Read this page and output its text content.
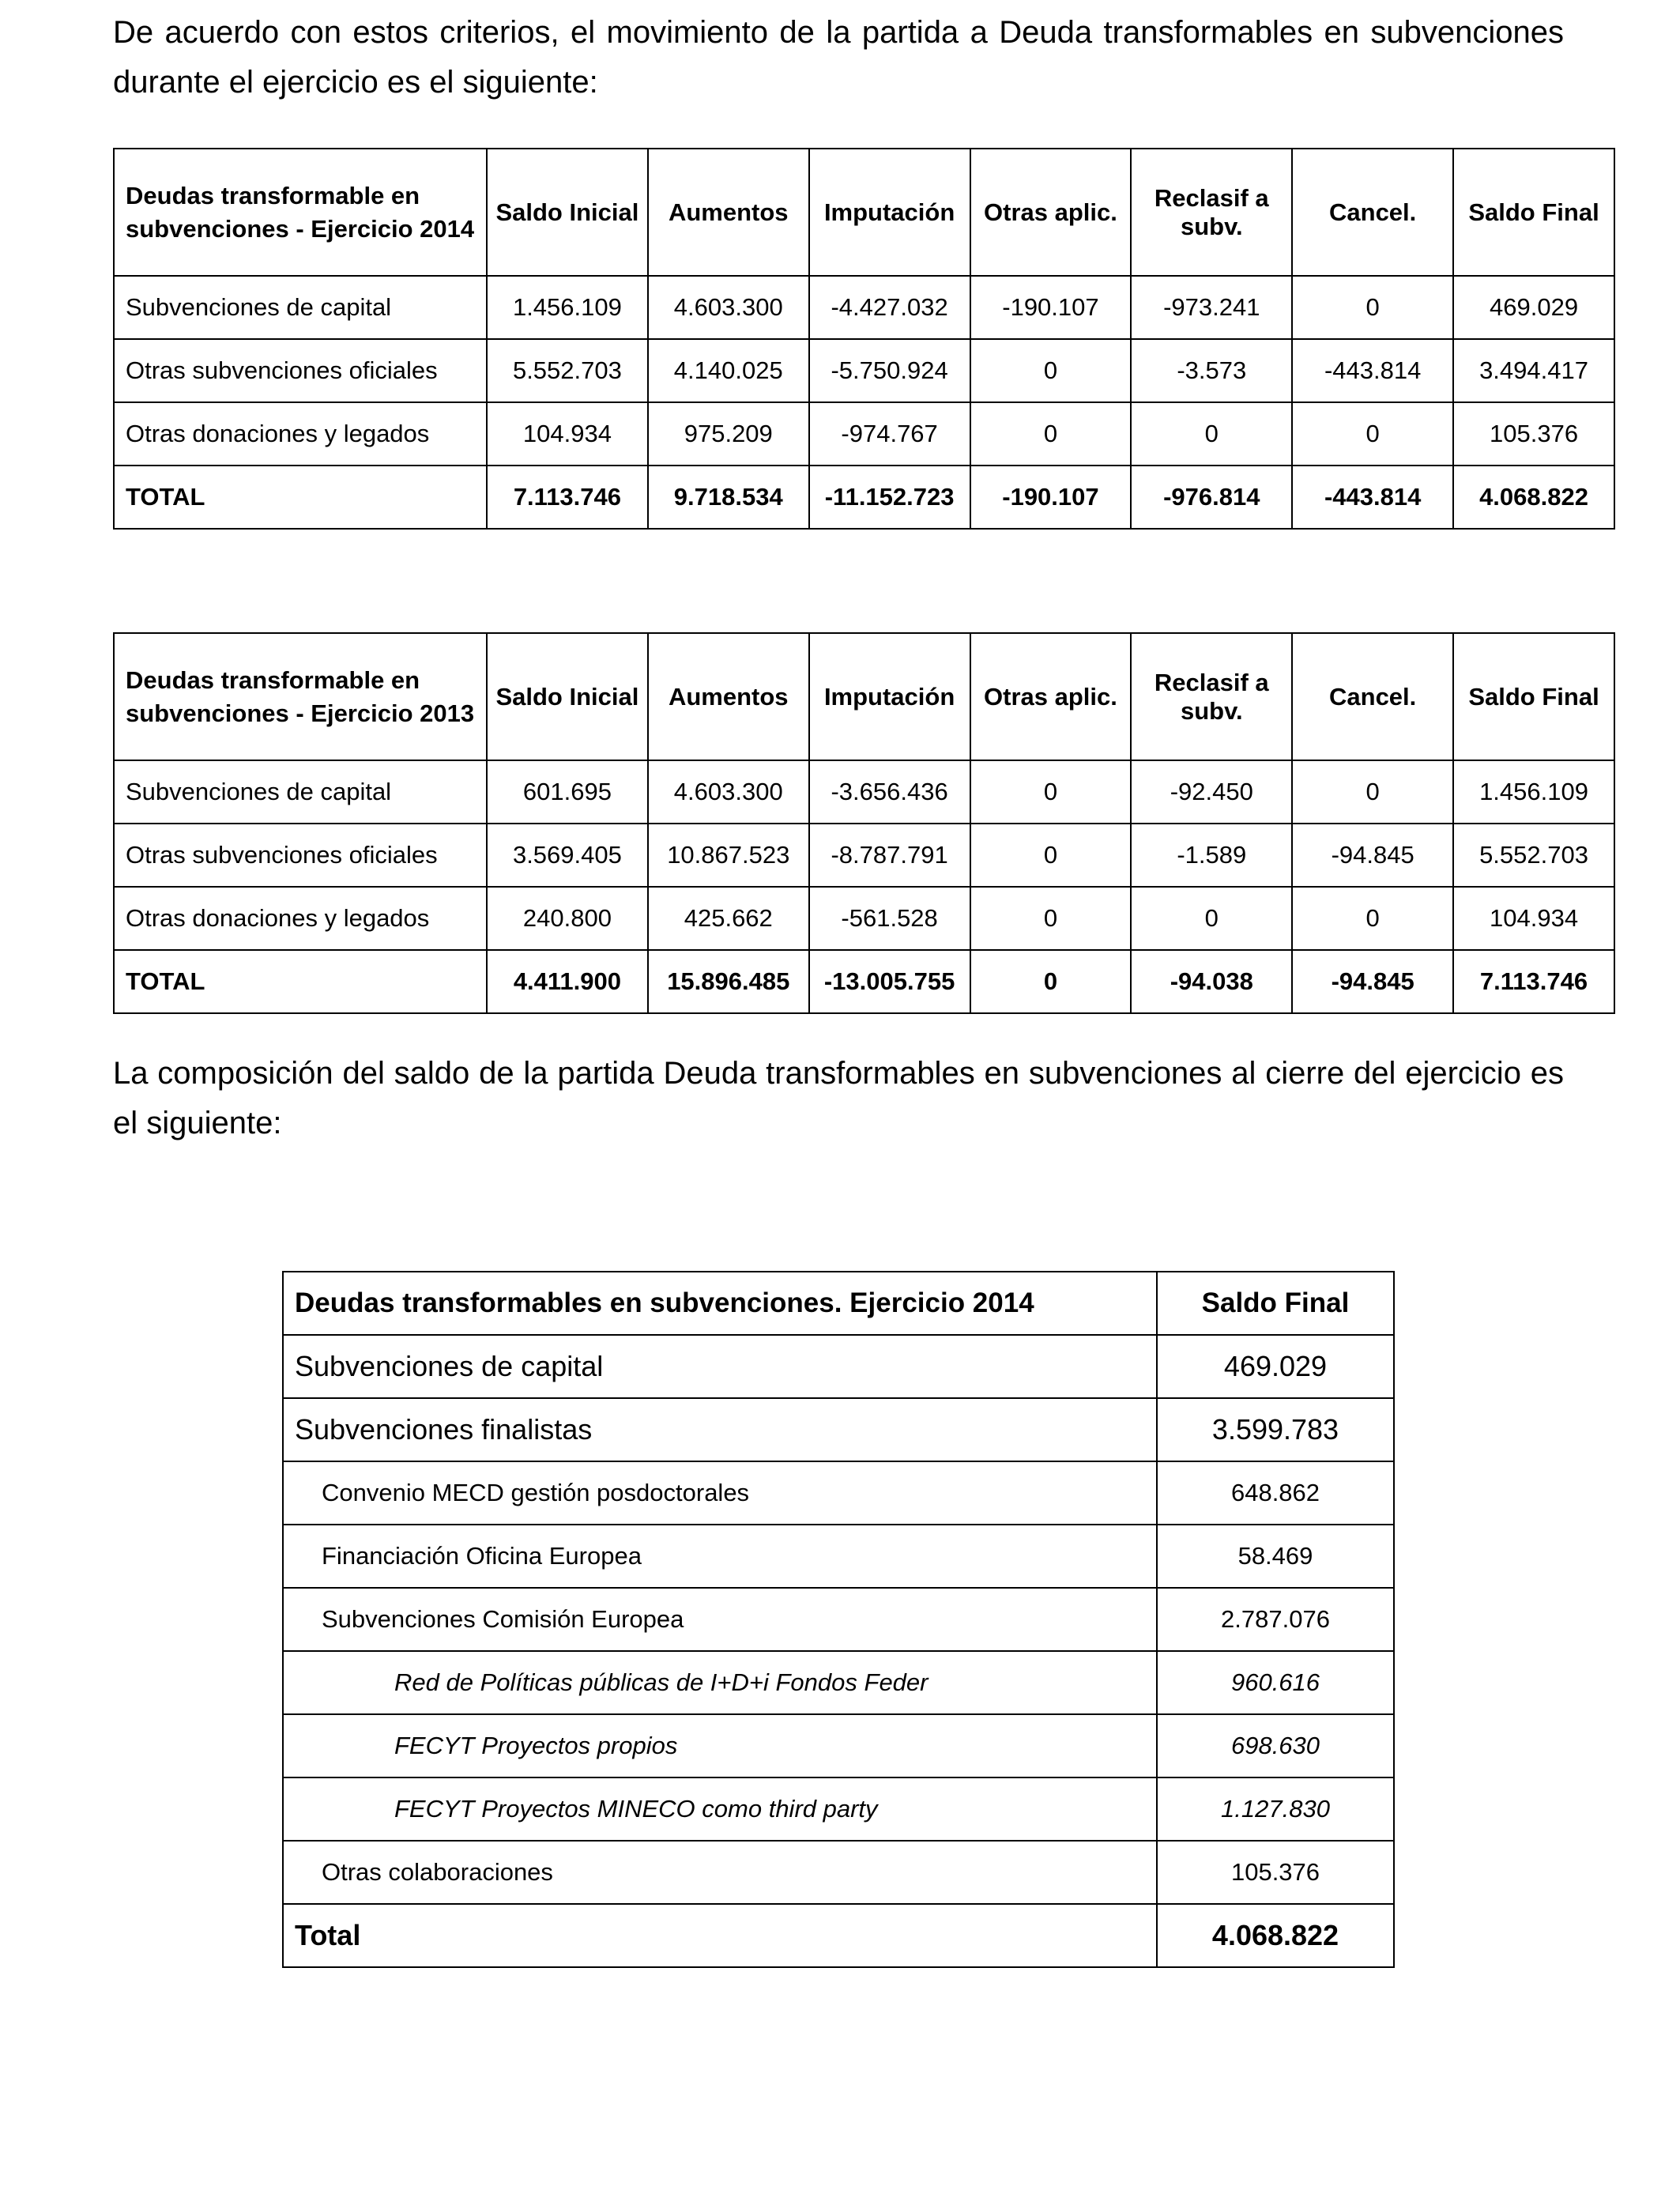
De acuerdo con estos criterios, el movimiento de la partida a Deuda transformables en subvenciones durante el ejercicio es el siguiente:

Deudas transformable en subvenciones - Ejercicio 2014	Saldo Inicial	Aumentos	Imputación	Otras aplic.	Reclasif a subv.	Cancel.	Saldo Final
Subvenciones de capital	1.456.109	4.603.300	-4.427.032	-190.107	-973.241	0	469.029
Otras subvenciones oficiales	5.552.703	4.140.025	-5.750.924	0	-3.573	-443.814	3.494.417
Otras donaciones y legados	104.934	975.209	-974.767	0	0	0	105.376
TOTAL	7.113.746	9.718.534	-11.152.723	-190.107	-976.814	-443.814	4.068.822
Deudas transformable en subvenciones - Ejercicio 2013	Saldo Inicial	Aumentos	Imputación	Otras aplic.	Reclasif a subv.	Cancel.	Saldo Final
Subvenciones de capital	601.695	4.603.300	-3.656.436	0	-92.450	0	1.456.109
Otras subvenciones oficiales	3.569.405	10.867.523	-8.787.791	0	-1.589	-94.845	5.552.703
Otras donaciones y legados	240.800	425.662	-561.528	0	0	0	104.934
TOTAL	4.411.900	15.896.485	-13.005.755	0	-94.038	-94.845	7.113.746

La composición del saldo de la partida Deuda transformables en subvenciones al cierre del ejercicio es el siguiente:

Deudas transformables en subvenciones. Ejercicio 2014	Saldo Final
Subvenciones de capital	469.029
Subvenciones finalistas	3.599.783
Convenio MECD gestión posdoctorales	648.862
Financiación Oficina Europea	58.469
Subvenciones Comisión Europea	2.787.076
Red de Políticas públicas de I+D+i Fondos Feder	960.616
FECYT Proyectos propios	698.630
FECYT Proyectos MINECO como third party	1.127.830
Otras colaboraciones	105.376
Total	4.068.822
